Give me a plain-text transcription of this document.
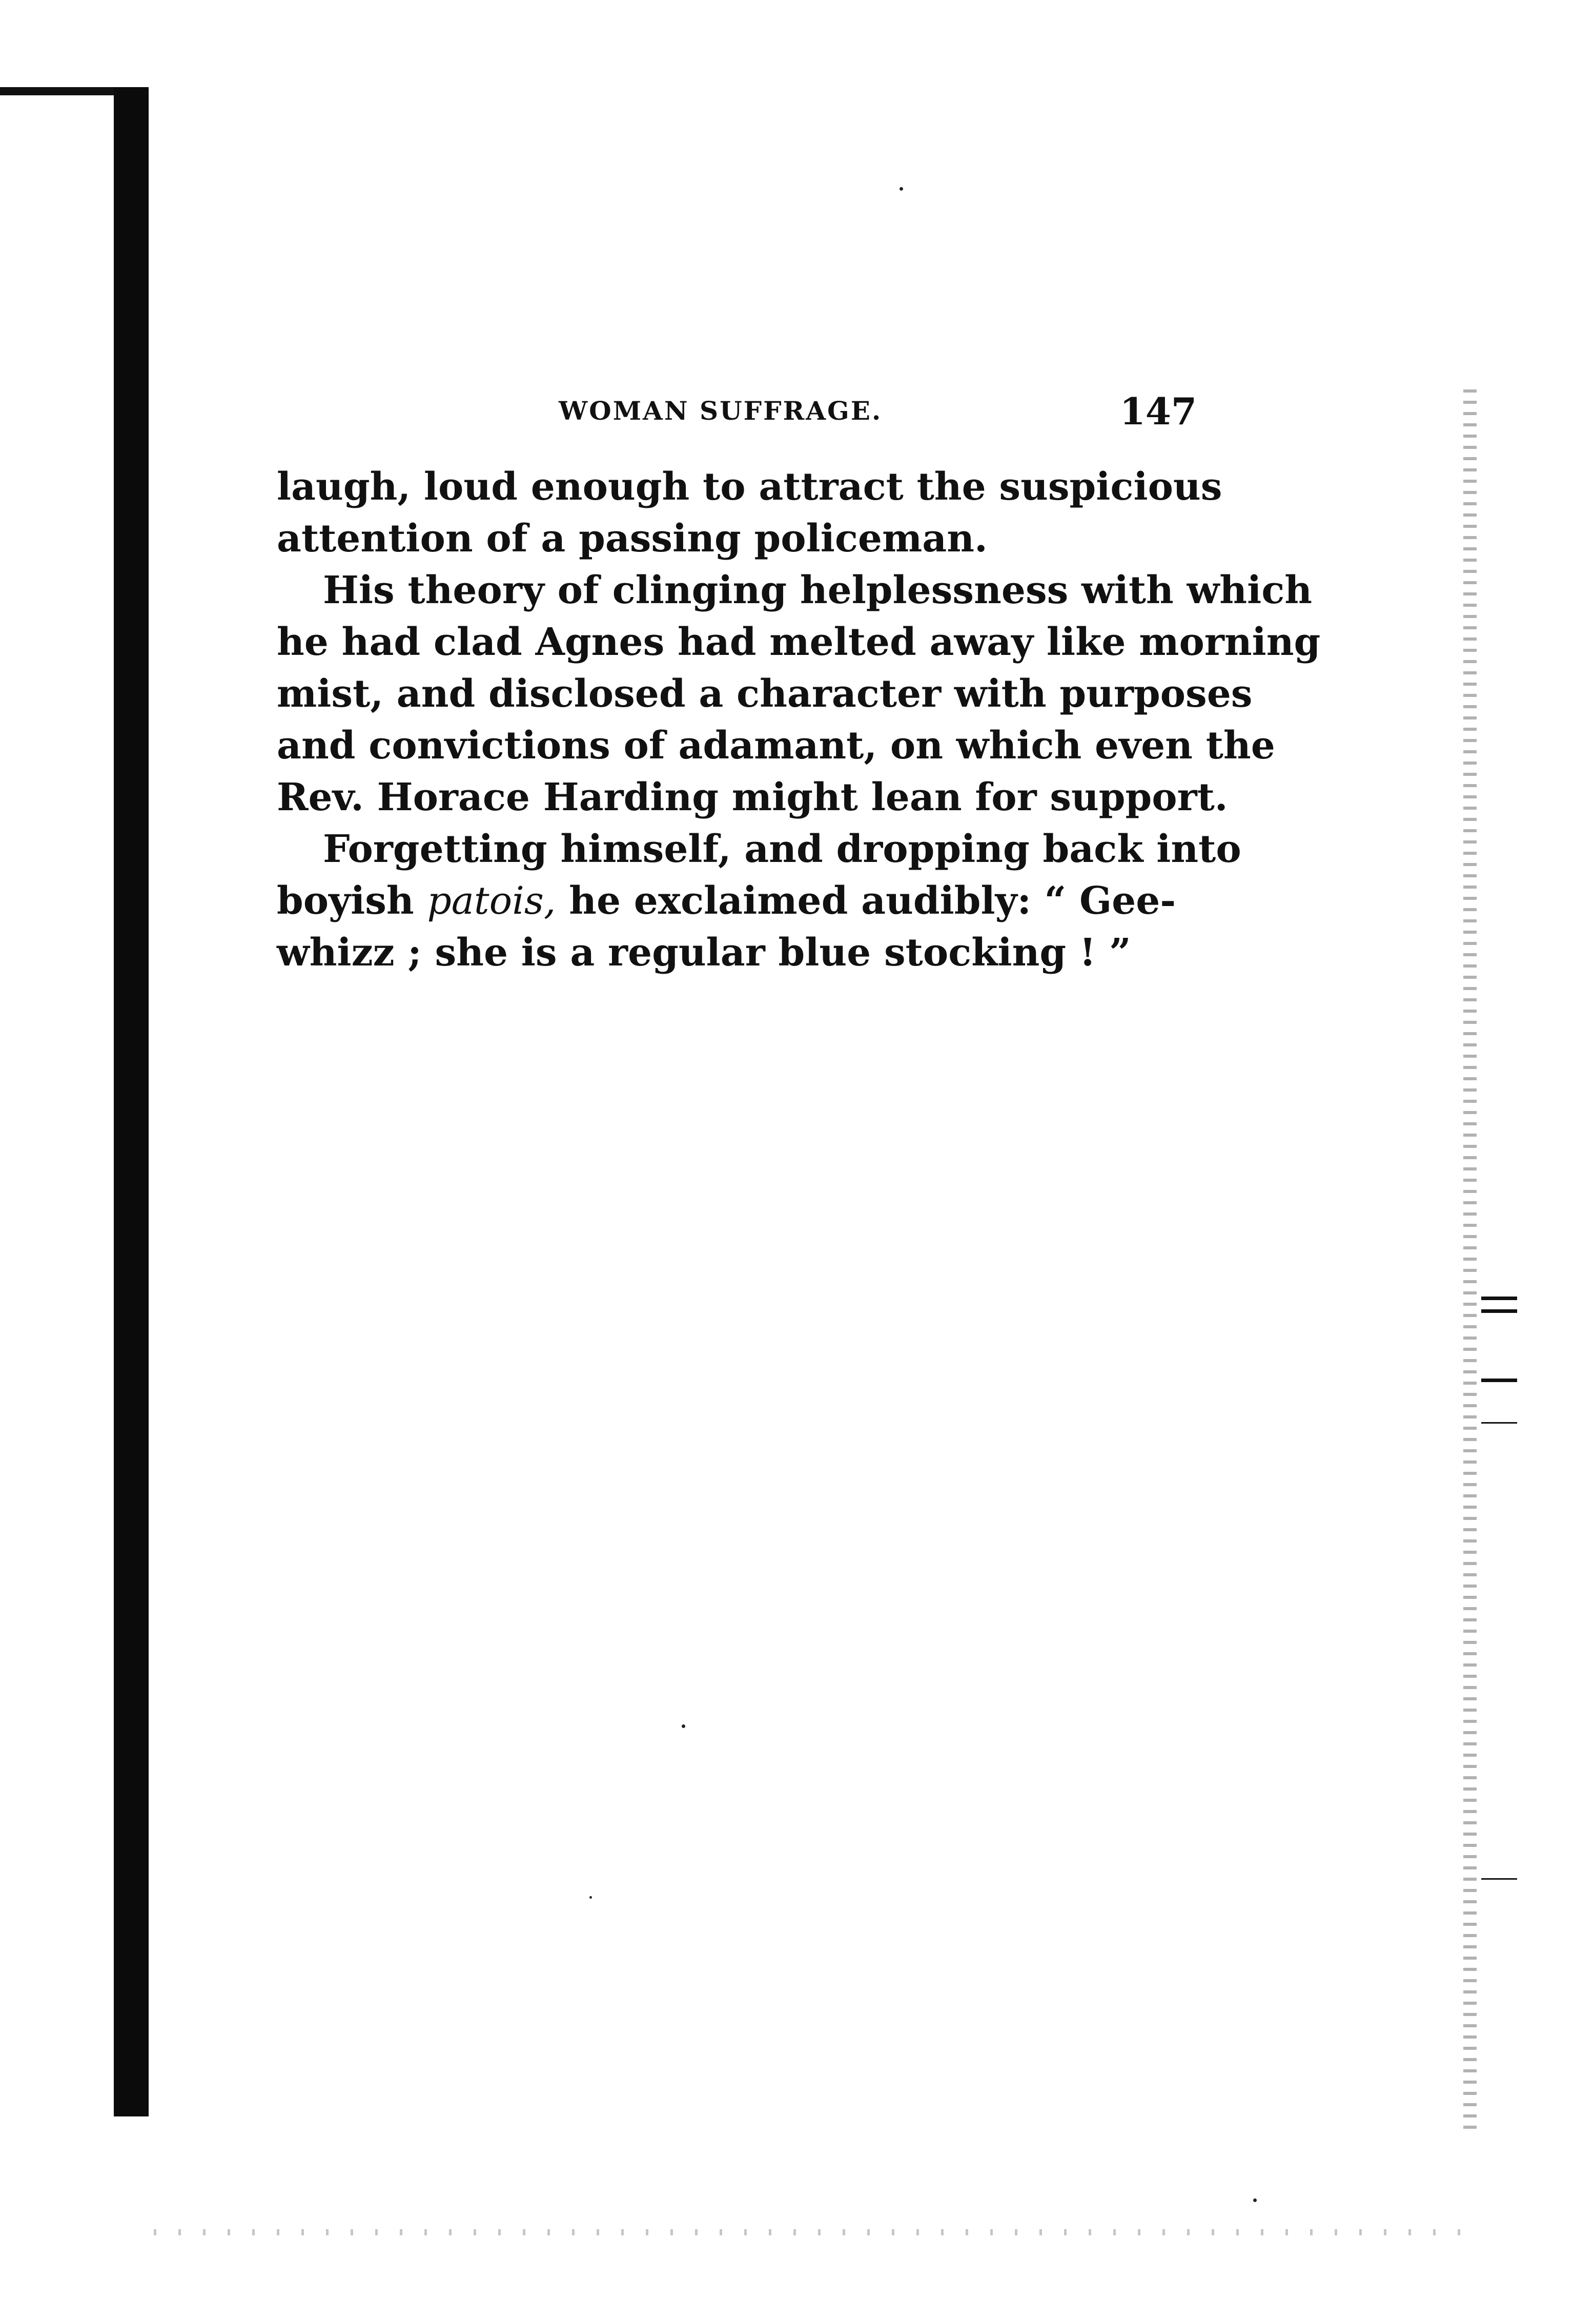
WOMAN SUFFRAGE.	147
laugh, loud enough to attract the suspicious
attention of a passing policeman.
His theory of clinging helplessness with which
he had clad Agnes had melted away like morning
mist, and disclosed a character with purposes
and convictions of adamant, on which even the
Rev. Horace Harding might lean for support.
Forgetting himself, and dropping back into
boyish patois, he exclaimed audibly: “ Gee-
whizz ; she is a regular blue stocking ! ”
